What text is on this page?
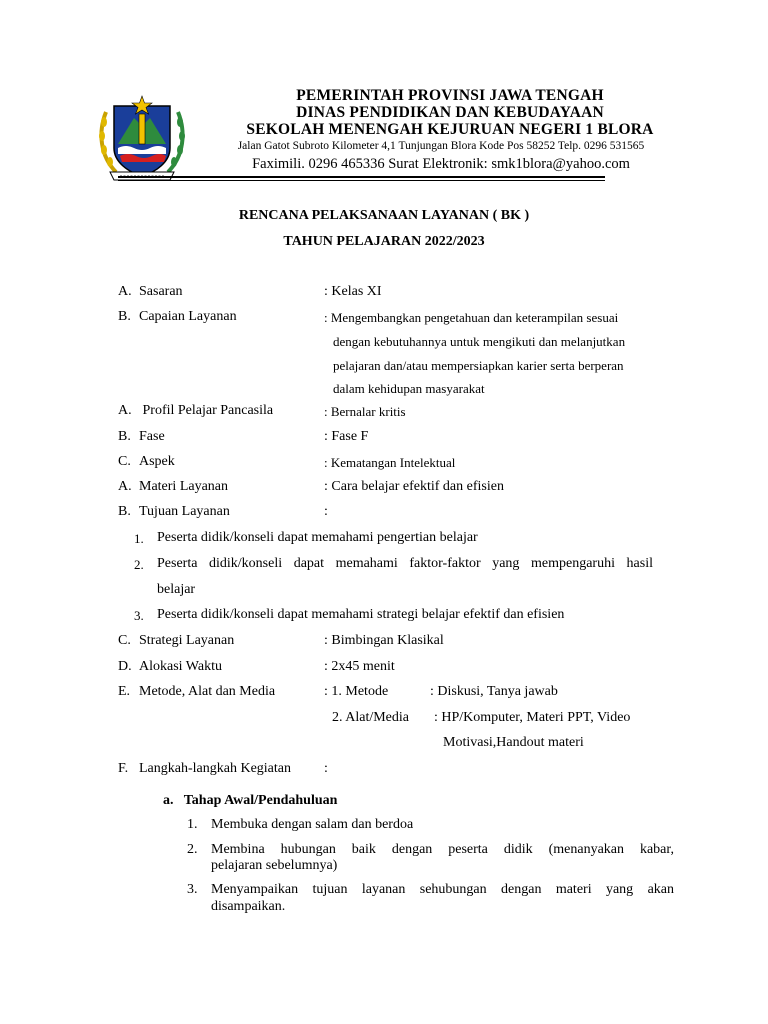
PEMERINTAH PROVINSI JAWA TENGAH
DINAS PENDIDIKAN DAN KEBUDAYAAN
SEKOLAH MENENGAH KEJURUAN NEGERI 1 BLORA
Jalan Gatot Subroto Kilometer 4,1 Tunjungan Blora Kode Pos 58252 Telp. 0296 531565
Faximili. 0296 465336 Surat Elektronik: smk1blora@yahoo.com
RENCANA PELAKSANAAN LAYANAN ( BK )
TAHUN PELAJARAN 2022/2023
A. Sasaran	: Kelas XI
B. Capaian Layanan	: Mengembangkan pengetahuan dan keterampilan sesuai
dengan kebutuhannya untuk mengikuti dan melanjutkan
pelajaran dan/atau mempersiapkan karier serta berperan
dalam kehidupan masyarakat
A. Profil Pelajar Pancasila	: Bernalar kritis
B. Fase	: Fase F
C. Aspek	: Kematangan Intelektual
A. Materi Layanan	: Cara belajar efektif dan efisien
B. Tujuan Layanan	:
1. Peserta didik/konseli dapat memahami pengertian belajar
2. Peserta didik/konseli dapat memahami faktor-faktor yang mempengaruhi hasil
belajar
3. Peserta didik/konseli dapat memahami strategi belajar efektif dan efisien
C. Strategi Layanan	: Bimbingan Klasikal
D. Alokasi Waktu	: 2x45 menit
E. Metode, Alat dan Media	: 1. Metode	: Diskusi, Tanya jawab
2. Alat/Media : HP/Komputer, Materi PPT, Video
Motivasi,Handout materi
F. Langkah-langkah Kegiatan :
a.   Tahap Awal/Pendahuluan
1. Membuka dengan salam dan berdoa
2. Membina hubungan baik dengan peserta didik (menanyakan kabar,
pelajaran sebelumnya)
3. Menyampaikan tujuan layanan sehubungan dengan materi yang akan
disampaikan.
